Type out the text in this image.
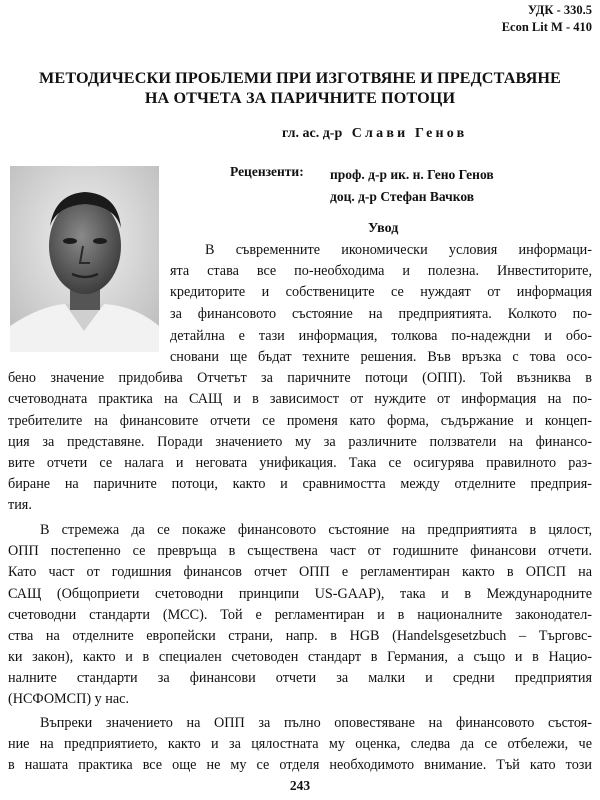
УДК - 330.5
Econ Lit M - 410
МЕТОДИЧЕСКИ ПРОБЛЕМИ ПРИ ИЗГОТВЯНЕ И ПРЕДСТАВЯНЕ
НА ОТЧЕТА ЗА ПАРИЧНИТЕ ПОТОЦИ
гл. ас. д-р Слави Генов
Рецензенти: проф. д-р ик. н. Гено Генов
доц. д-р Стефан Вачков
Увод
В съвременните икономически условия информаци-
ята става все по-необходима и полезна. Инвеститорите,
кредиторите и собствениците се нуждаят от информация
за финансовото състояние на предприятията. Колкото по-
детайлна е тази информация, толкова по-надеждни и обо-
сновани ще бъдат техните решения. Във връзка с това осо-
бено значение придобива Отчетът за паричните потоци (ОПП). Той възниква в
счетоводната практика на САЩ и в зависимост от нуждите от информация на по-
требителите на финансовите отчети се променя като форма, съдържание и концеп-
ция за представяне. Поради значението му за различните ползватели на финансо-
вите отчети се налага и неговата унификация. Така се осигурява правилното раз-
биране на паричните потоци, както и сравнимостта между отделните предприя-
тия.
В стремежа да се покаже финансовото състояние на предприятията в цялост,
ОПП постепенно се превръща в съществена част от годишните финансови отчети.
Като част от годишния финансов отчет ОПП е регламентиран както в ОПСП на
САЩ (Общоприети счетоводни принципи US-GAAP), така и в Международните
счетоводни стандарти (МСС). Той е регламентиран и в националните законодател-
ства на отделните европейски страни, напр. в HGB (Handelsgesetzbuch – Търговс-
ки закон), както и в специален счетоводен стандарт в Германия, а също и в Нацио-
налните стандарти за финансови отчети за малки и средни предприятия
(НСФОМСП) у нас.
Въпреки значението на ОПП за пълно оповестяване на финансовото състоя-
ние на предприятието, както и за цялостната му оценка, следва да се отбележи, че
в нашата практика все още не му се отделя необходимото внимание. Тъй като този
243
